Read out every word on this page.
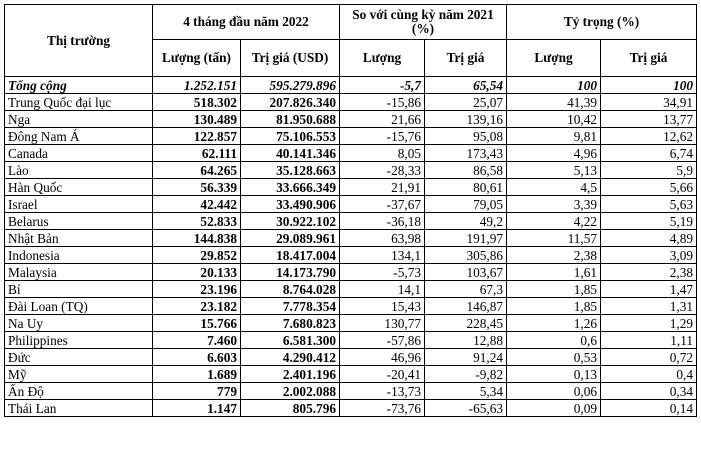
Thị trường	4 tháng đầu năm 2022		So với cùng kỳ năm 2021 (%)		Tỷ trọng (%)	
	Lượng (tấn)	Trị giá (USD)	Lượng	Trị giá	Lượng	Trị giá
Tổng cộng	1.252.151	595.279.896	-5,7	65,54	100	100
Trung Quốc đại lục	518.302	207.826.340	-15,86	25,07	41,39	34,91
Nga	130.489	81.950.688	21,66	139,16	10,42	13,77
Đông Nam Á	122.857	75.106.553	-15,76	95,08	9,81	12,62
Canada	62.111	40.141.346	8,05	173,43	4,96	6,74
Lào	64.265	35.128.663	-28,33	86,58	5,13	5,9
Hàn Quốc	56.339	33.666.349	21,91	80,61	4,5	5,66
Israel	42.442	33.490.906	-37,67	79,05	3,39	5,63
Belarus	52.833	30.922.102	-36,18	49,2	4,22	5,19
Nhật Bản	144.838	29.089.961	63,98	191,97	11,57	4,89
Indonesia	29.852	18.417.004	134,1	305,86	2,38	3,09
Malaysia	20.133	14.173.790	-5,73	103,67	1,61	2,38
Bỉ	23.196	8.764.028	14,1	67,3	1,85	1,47
Đài Loan (TQ)	23.182	7.778.354	15,43	146,87	1,85	1,31
Na Uy	15.766	7.680.823	130,77	228,45	1,26	1,29
Philippines	7.460	6.581.300	-57,86	12,88	0,6	1,11
Đức	6.603	4.290.412	46,96	91,24	0,53	0,72
Mỹ	1.689	2.401.196	-20,41	-9,82	0,13	0,4
Ấn Độ	779	2.002.088	-13,73	5,34	0,06	0,34
Thái Lan	1.147	805.796	-73,76	-65,63	0,09	0,14
